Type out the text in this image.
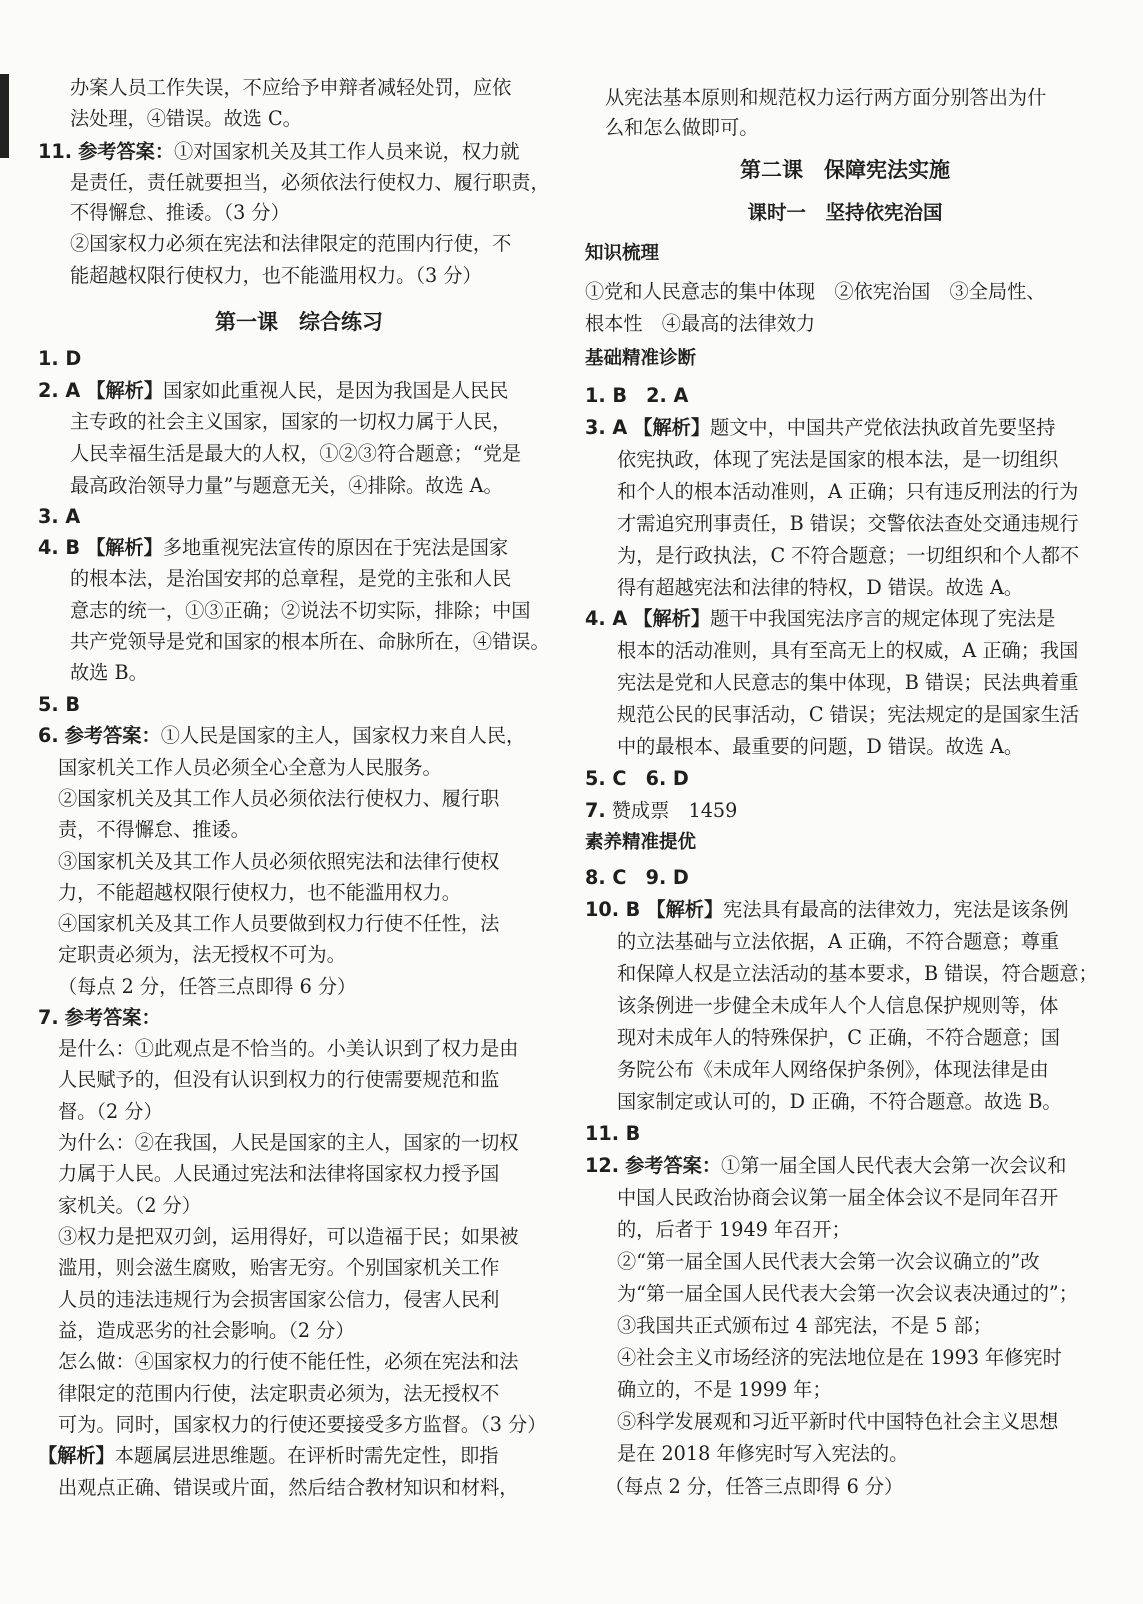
办案人员工作失误，不应给予申辩者减轻处罚，应依
法处理，④错误。故选 C。
11. 参考答案：①对国家机关及其工作人员来说，权力就
是责任，责任就要担当，必须依法行使权力、履行职责，
不得懈怠、推诿。（3 分）
②国家权力必须在宪法和法律限定的范围内行使，不
能超越权限行使权力，也不能滥用权力。（3 分）
第一课　综合练习
1. D
2. A 【解析】国家如此重视人民，是因为我国是人民民
主专政的社会主义国家，国家的一切权力属于人民，
人民幸福生活是最大的人权，①②③符合题意；“党是
最高政治领导力量”与题意无关，④排除。故选 A。
3. A
4. B 【解析】多地重视宪法宣传的原因在于宪法是国家
的根本法，是治国安邦的总章程，是党的主张和人民
意志的统一，①③正确；②说法不切实际，排除；中国
共产党领导是党和国家的根本所在、命脉所在，④错误。
故选 B。
5. B
6. 参考答案：①人民是国家的主人，国家权力来自人民，
国家机关工作人员必须全心全意为人民服务。
②国家机关及其工作人员必须依法行使权力、履行职
责，不得懈怠、推诿。
③国家机关及其工作人员必须依照宪法和法律行使权
力，不能超越权限行使权力，也不能滥用权力。
④国家机关及其工作人员要做到权力行使不任性，法
定职责必须为，法无授权不可为。
（每点 2 分，任答三点即得 6 分）
7. 参考答案：
是什么：①此观点是不恰当的。小美认识到了权力是由
人民赋予的，但没有认识到权力的行使需要规范和监
督。（2 分）
为什么：②在我国，人民是国家的主人，国家的一切权
力属于人民。人民通过宪法和法律将国家权力授予国
家机关。（2 分）
③权力是把双刃剑，运用得好，可以造福于民；如果被
滥用，则会滋生腐败，贻害无穷。个别国家机关工作
人员的违法违规行为会损害国家公信力，侵害人民利
益，造成恶劣的社会影响。（2 分）
怎么做：④国家权力的行使不能任性，必须在宪法和法
律限定的范围内行使，法定职责必须为，法无授权不
可为。同时，国家权力的行使还要接受多方监督。（3 分）
【解析】本题属层进思维题。在评析时需先定性，即指
出观点正确、错误或片面，然后结合教材知识和材料，
从宪法基本原则和规范权力运行两方面分别答出为什
么和怎么做即可。
第二课　保障宪法实施
课时一　坚持依宪治国
知识梳理
①党和人民意志的集中体现　②依宪治国　③全局性、
根本性　④最高的法律效力
基础精准诊断
1. B　2. A
3. A 【解析】题文中，中国共产党依法执政首先要坚持
依宪执政，体现了宪法是国家的根本法，是一切组织
和个人的根本活动准则，A 正确；只有违反刑法的行为
才需追究刑事责任，B 错误；交警依法查处交通违规行
为，是行政执法，C 不符合题意；一切组织和个人都不
得有超越宪法和法律的特权，D 错误。故选 A。
4. A 【解析】题干中我国宪法序言的规定体现了宪法是
根本的活动准则，具有至高无上的权威，A 正确；我国
宪法是党和人民意志的集中体现，B 错误；民法典着重
规范公民的民事活动，C 错误；宪法规定的是国家生活
中的最根本、最重要的问题，D 错误。故选 A。
5. C　6. D
7. 赞成票　1459
素养精准提优
8. C　9. D
10. B 【解析】宪法具有最高的法律效力，宪法是该条例
的立法基础与立法依据，A 正确，不符合题意；尊重
和保障人权是立法活动的基本要求，B 错误，符合题意；
该条例进一步健全未成年人个人信息保护规则等，体
现对未成年人的特殊保护，C 正确，不符合题意；国
务院公布《未成年人网络保护条例》，体现法律是由
国家制定或认可的，D 正确，不符合题意。故选 B。
11. B
12. 参考答案：①第一届全国人民代表大会第一次会议和
中国人民政治协商会议第一届全体会议不是同年召开
的，后者于 1949 年召开；
②“第一届全国人民代表大会第一次会议确立的”改
为“第一届全国人民代表大会第一次会议表决通过的”；
③我国共正式颁布过 4 部宪法，不是 5 部；
④社会主义市场经济的宪法地位是在 1993 年修宪时
确立的，不是 1999 年；
⑤科学发展观和习近平新时代中国特色社会主义思想
是在 2018 年修宪时写入宪法的。
（每点 2 分，任答三点即得 6 分）
